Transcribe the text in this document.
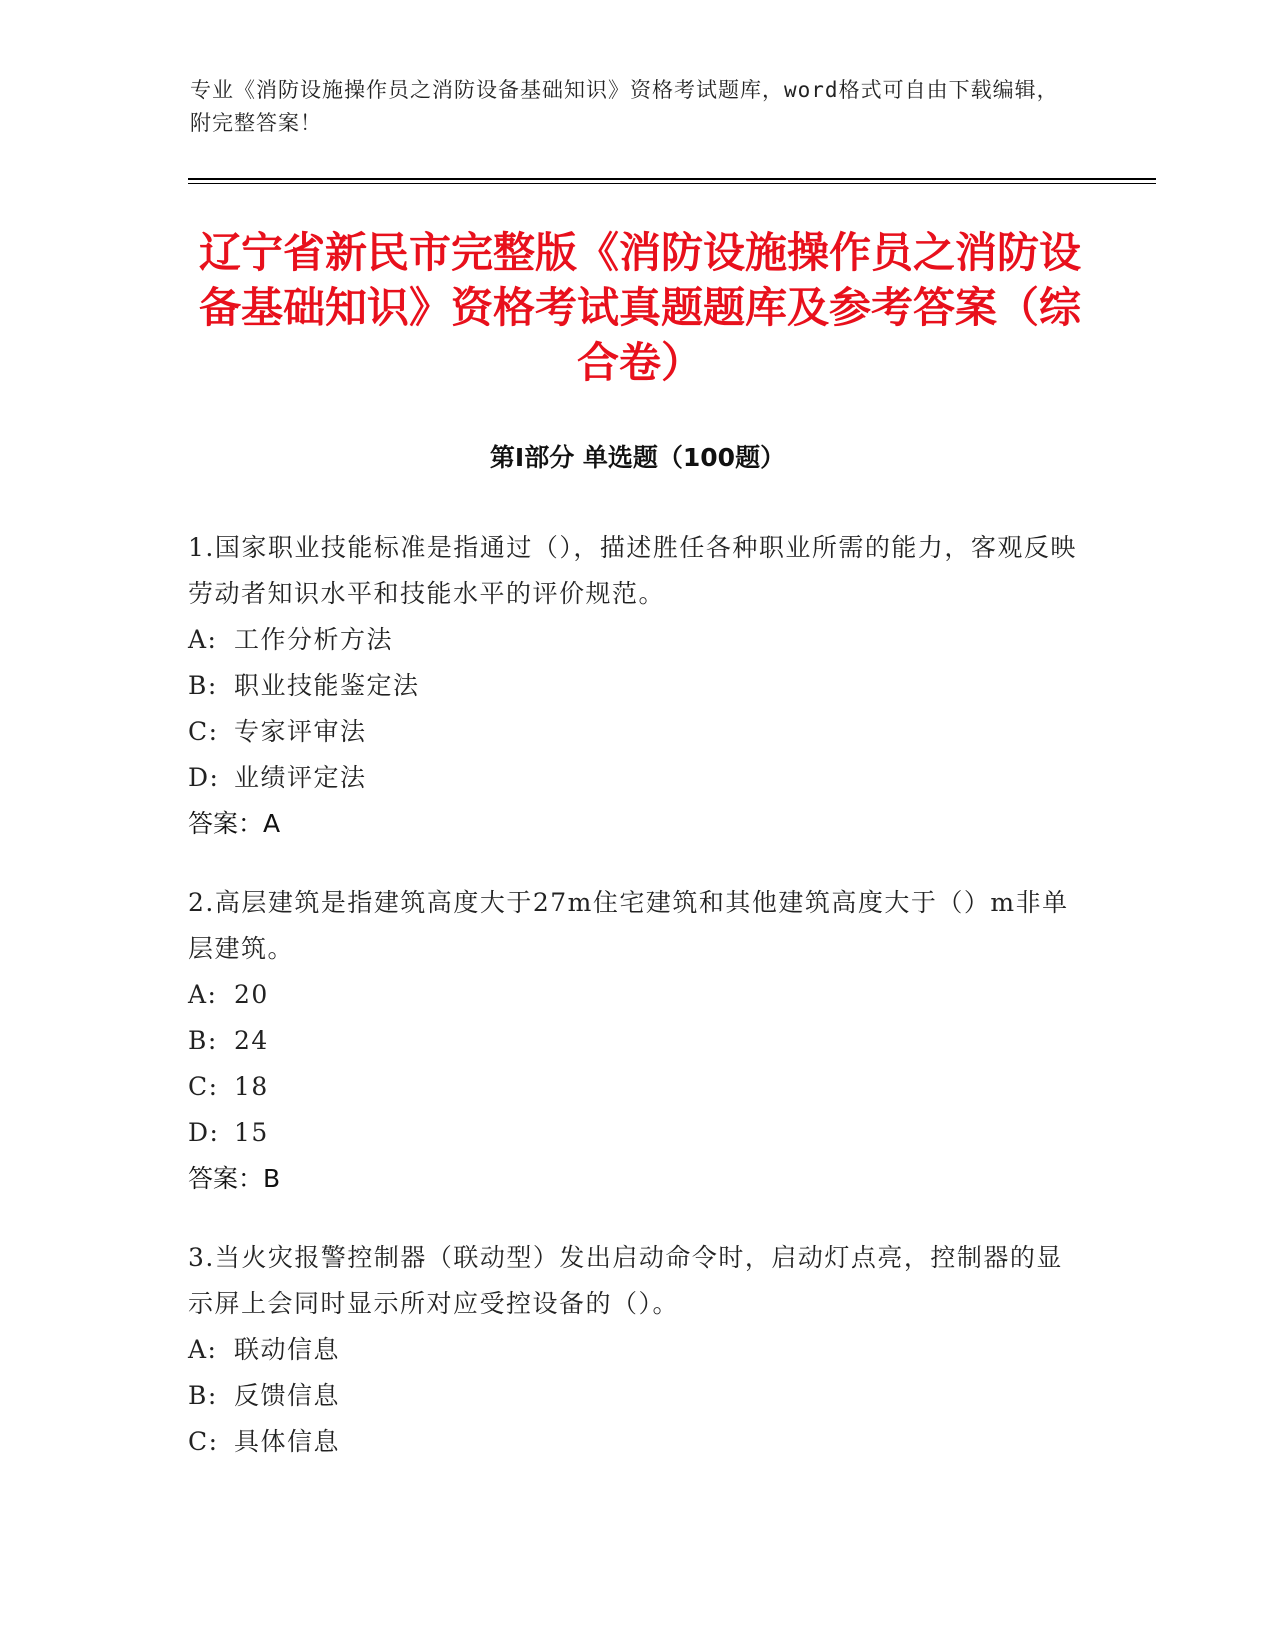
专业《消防设施操作员之消防设备基础知识》资格考试题库，word格式可自由下载编辑，附完整答案！
辽宁省新民市完整版《消防设施操作员之消防设备基础知识》资格考试真题题库及参考答案（综合卷）
第Ⅰ部分 单选题（100题）

1.国家职业技能标准是指通过（），描述胜任各种职业所需的能力，客观反映劳动者知识水平和技能水平的评价规范。

A: 工作分析方法
B: 职业技能鉴定法
C: 专家评审法
D: 业绩评定法
答案：A

2.高层建筑是指建筑高度大于27m住宅建筑和其他建筑高度大于（）m非单层建筑。

A: 20
B: 24
C: 18
D: 15
答案：B

3.当火灾报警控制器（联动型）发出启动命令时，启动灯点亮，控制器的显示屏上会同时显示所对应受控设备的（）。

A: 联动信息
B: 反馈信息
C: 具体信息
